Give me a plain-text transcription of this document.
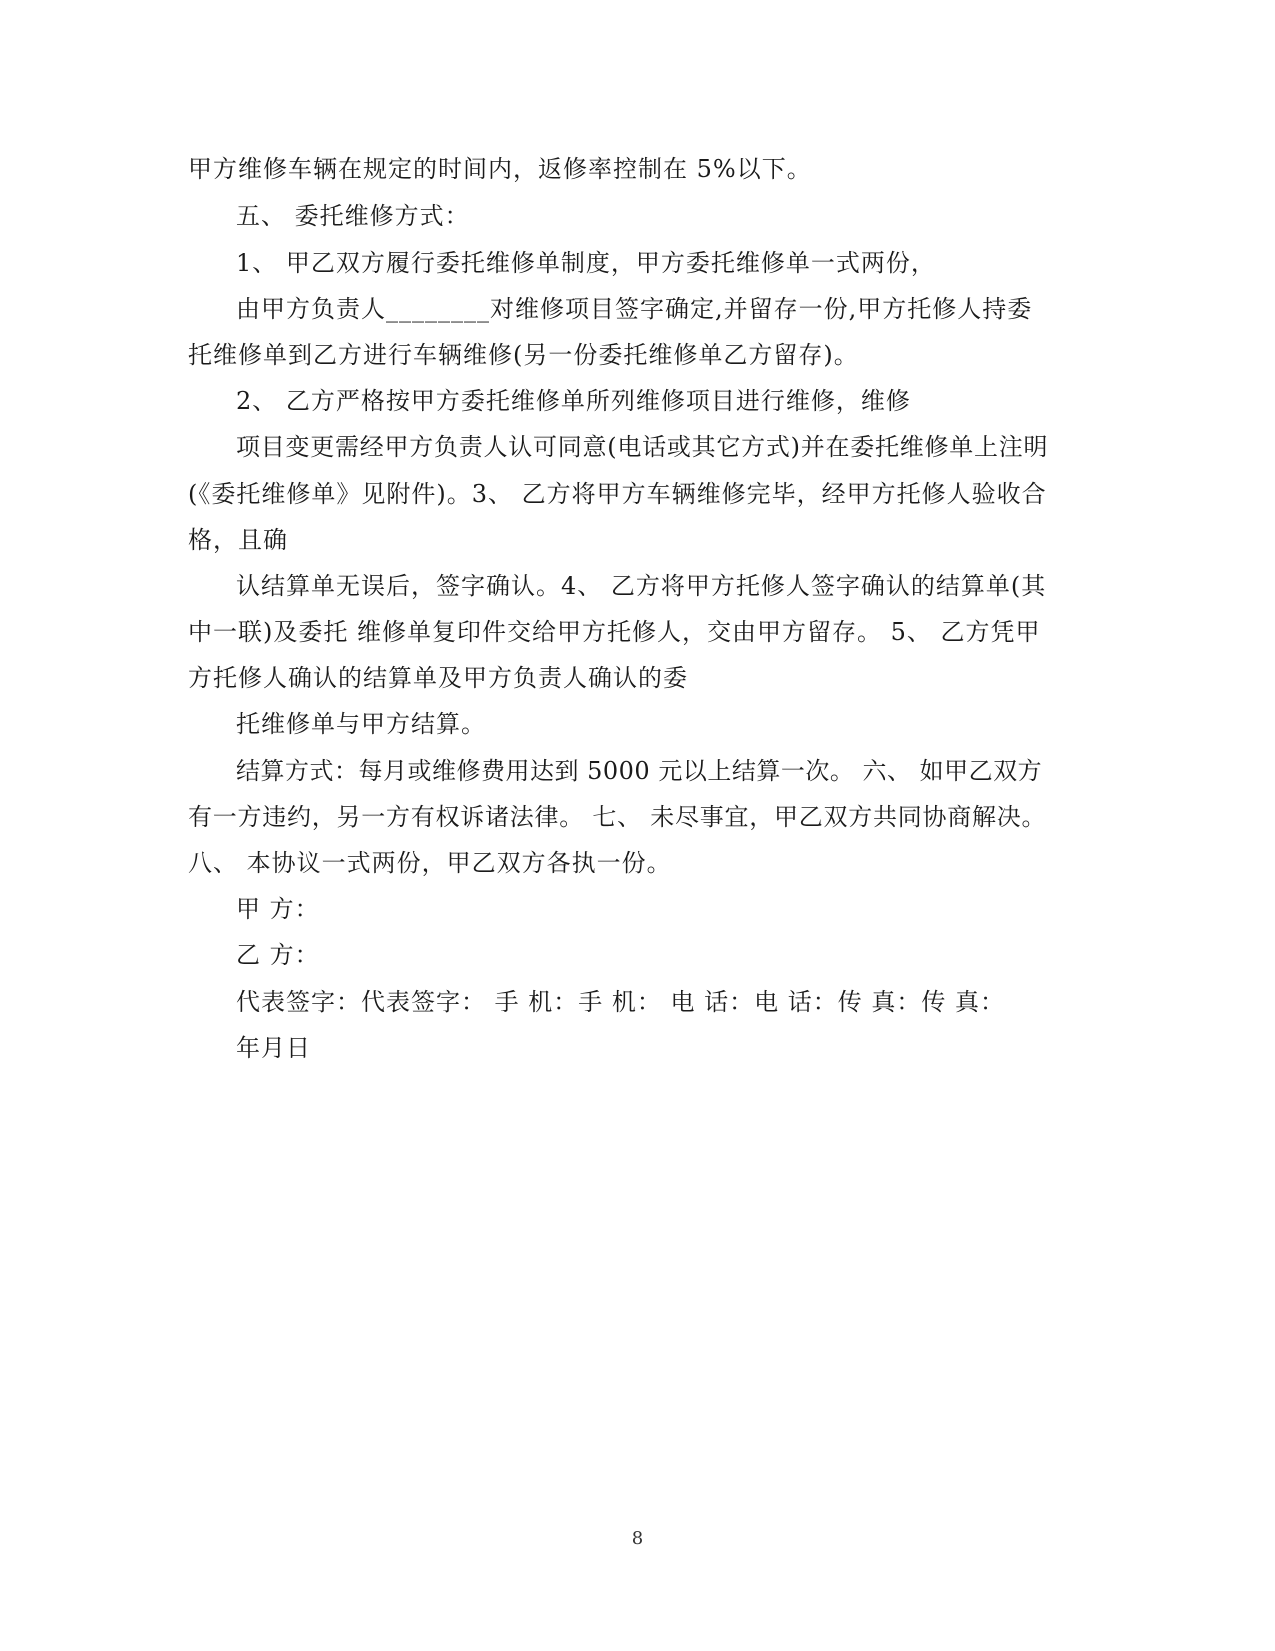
甲方维修车辆在规定的时间内，返修率控制在 5%以下。
五、 委托维修方式：
1、 甲乙双方履行委托维修单制度，甲方委托维修单一式两份，
由甲方负责人________对维修项目签字确定,并留存一份,甲方托修人持委
托维修单到乙方进行车辆维修(另一份委托维修单乙方留存)。
2、 乙方严格按甲方委托维修单所列维修项目进行维修，维修
项目变更需经甲方负责人认可同意(电话或其它方式)并在委托维修单上注明
(《委托维修单》见附件)。3、 乙方将甲方车辆维修完毕，经甲方托修人验收合
格，且确
认结算单无误后，签字确认。4、 乙方将甲方托修人签字确认的结算单(其
中一联)及委托 维修单复印件交给甲方托修人，交由甲方留存。 5、 乙方凭甲
方托修人确认的结算单及甲方负责人确认的委
托维修单与甲方结算。
结算方式：每月或维修费用达到 5000 元以上结算一次。 六、 如甲乙双方
有一方违约，另一方有权诉诸法律。 七、 未尽事宜，甲乙双方共同协商解决。
八、 本协议一式两份，甲乙双方各执一份。
甲 方：
乙 方：
代表签字：代表签字： 手 机：手 机： 电 话：电 话：传 真：传 真：
年月日
8
